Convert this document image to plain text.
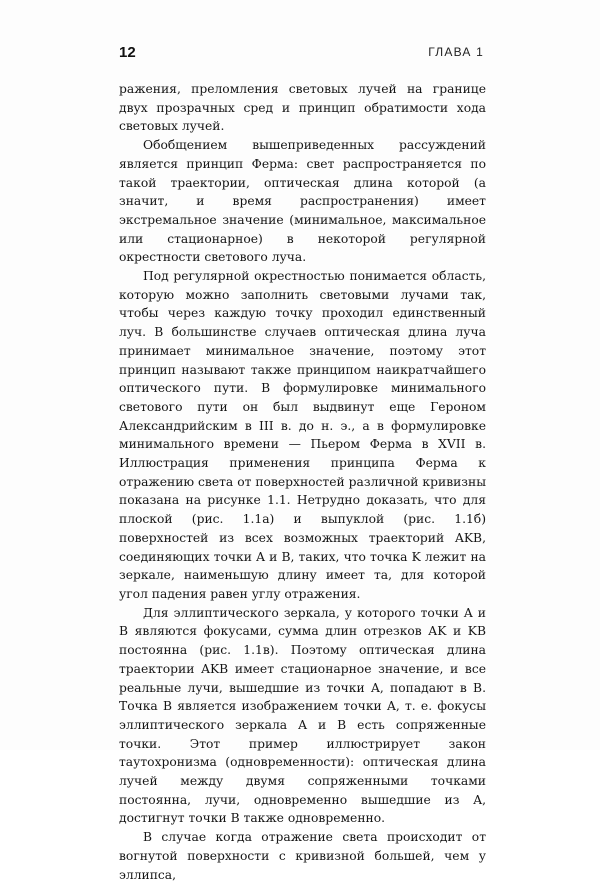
12	ГЛАВА 1

ражения, преломления световых лучей на границе двух прозрачных сред и принцип обратимости хода световых лучей.

Обобщением вышеприведенных рассуждений является принцип Ферма: свет распространяется по такой траектории, оптическая длина которой (а значит, и время распространения) имеет экстремальное значение (минимальное, максимальное или стационарное) в некоторой регулярной окрестности светового луча.

Под регулярной окрестностью понимается область, которую можно заполнить световыми лучами так, чтобы через каждую точку проходил единственный луч. В большинстве случаев оптическая длина луча принимает минимальное значение, поэтому этот принцип называют также принципом наикратчайшего оптического пути. В формулировке минимального светового пути он был выдвинут еще Героном Александрийским в III в. до н. э., а в формулировке минимального времени — Пьером Ферма в XVII в. Иллюстрация применения принципа Ферма к отражению света от поверхностей различной кривизны показана на рисунке 1.1. Нетрудно доказать, что для плоской (рис. 1.1а) и выпуклой (рис. 1.1б) поверхностей из всех возможных траекторий AKB, соединяющих точки A и B, таких, что точка K лежит на зеркале, наименьшую длину имеет та, для которой угол падения равен углу отражения.

Для эллиптического зеркала, у которого точки A и B являются фокусами, сумма длин отрезков AK и KB постоянна (рис. 1.1в). Поэтому оптическая длина траектории AKB имеет стационарное значение, и все реальные лучи, вышедшие из точки A, попадают в B. Точка B является изображением точки A, т. е. фокусы эллиптического зеркала A и B есть сопряженные точки. Этот пример иллюстрирует закон таутохронизма (одновременности): оптическая длина лучей между двумя сопряженными точками постоянна, лучи, одновременно вышедшие из A, достигнут точки B также одновременно.

В случае когда отражение света происходит от вогнутой поверхности с кривизной большей, чем у эллипса,
